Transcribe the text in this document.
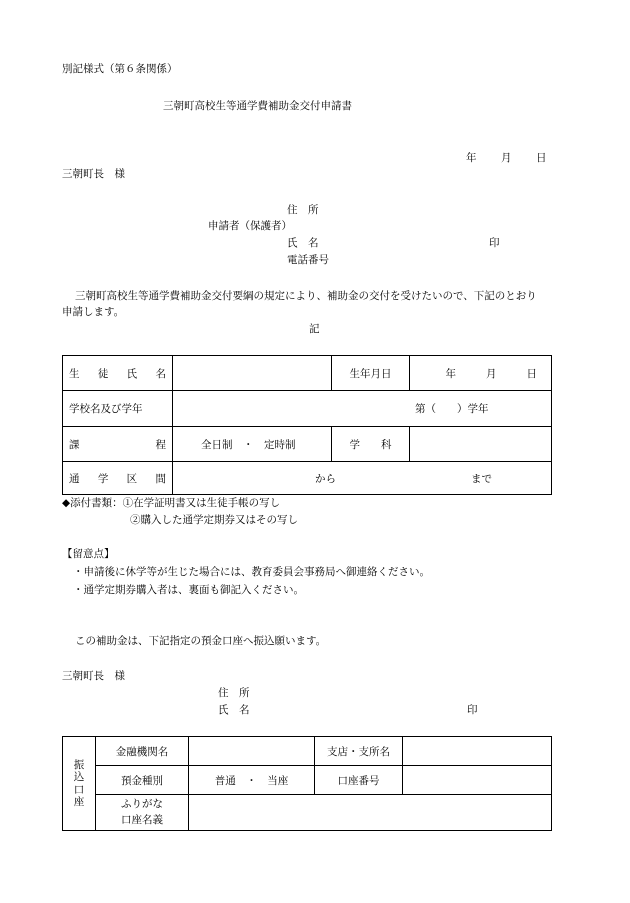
別記様式（第６条関係）
三朝町高校生等通学費補助金交付申請書
年 月 日
三朝町長　様
住　所
申請者（保護者）
氏　名	印
電話番号
三朝町高校生等通学費補助金交付要綱の規定により、補助金の交付を受けたいので、下記のとおり
申請します。
記
生 徒 氏 名		生年月日	年 月 日

学校名及び学年	第（　　）学年		

課 程	全日制　・　定時制	学　　科	

通 学 区 間	から まで		
◆添付書類：①在学証明書又は生徒手帳の写し
②購入した通学定期券又はその写し
【留意点】
・申請後に休学等が生じた場合には、教育委員会事務局へ御連絡ください。
・通学定期券購入者は、裏面も御記入ください。
この補助金は、下記指定の預金口座へ振込願います。
三朝町長　様
住　所
氏　名	印
振
込
口
座	金融機関名		支店・支所名	
	預金種別	普通　・　当座	口座番号	

	ふりがな
口座名義			
